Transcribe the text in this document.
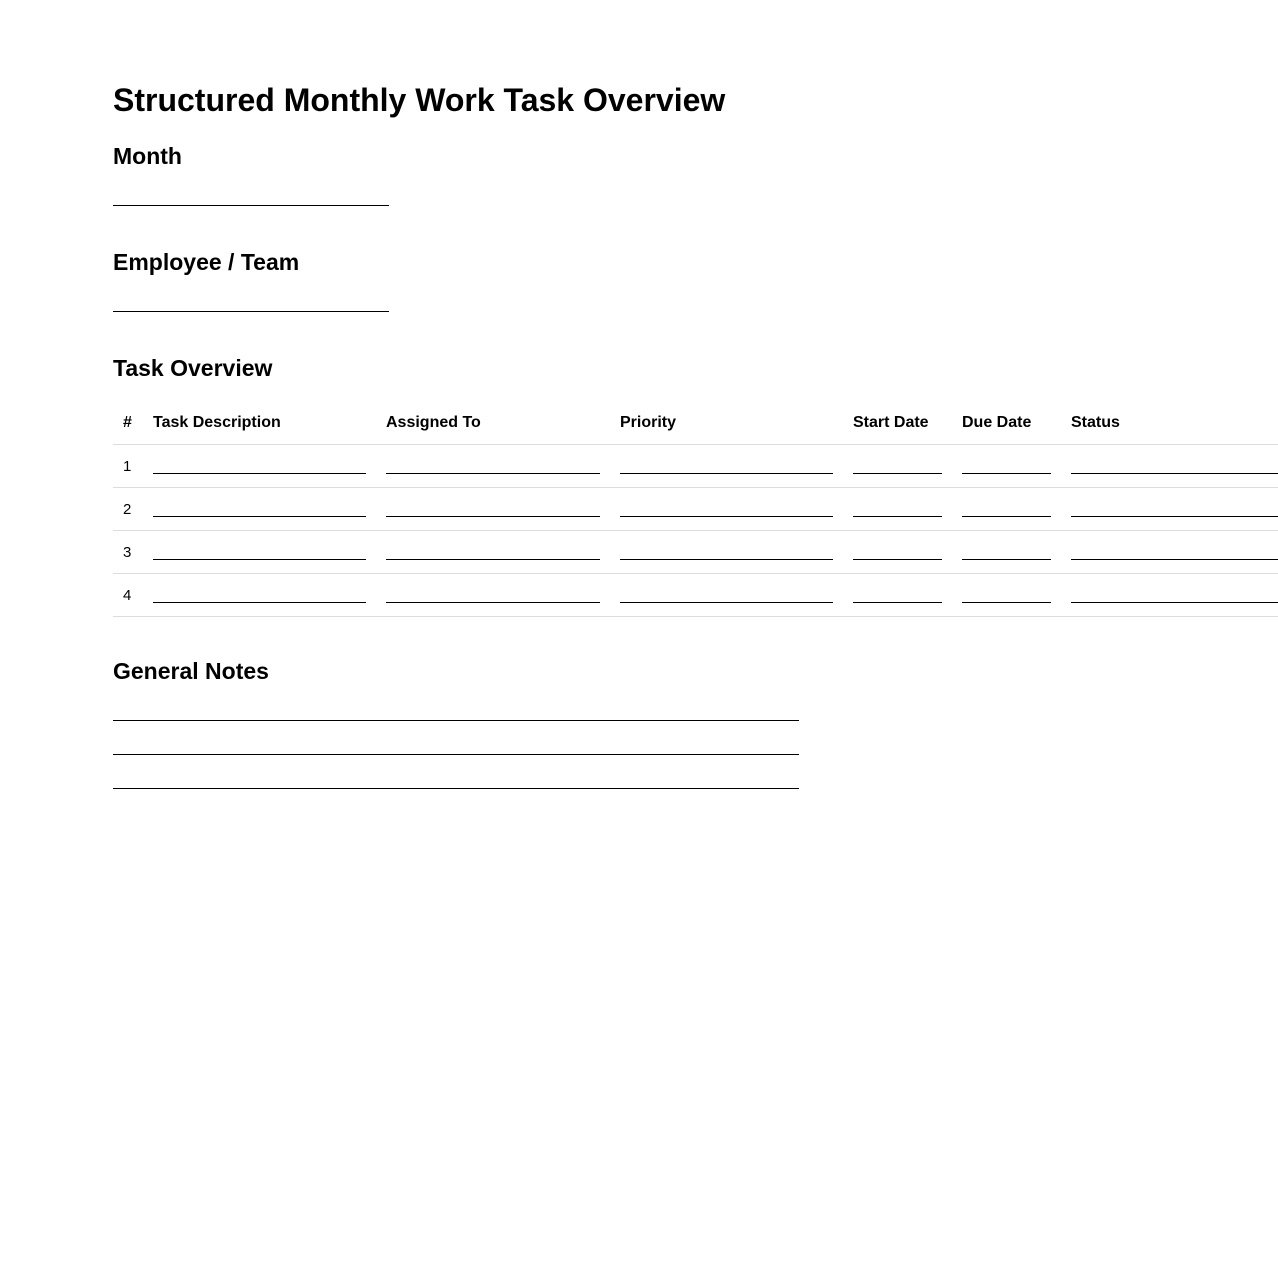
Structured Monthly Work Task Overview
Month
Employee / Team
Task Overview
#	Task Description	Assigned To	Priority	Start Date	Due Date	Status
1	

2	

3	

4	

General Notes
